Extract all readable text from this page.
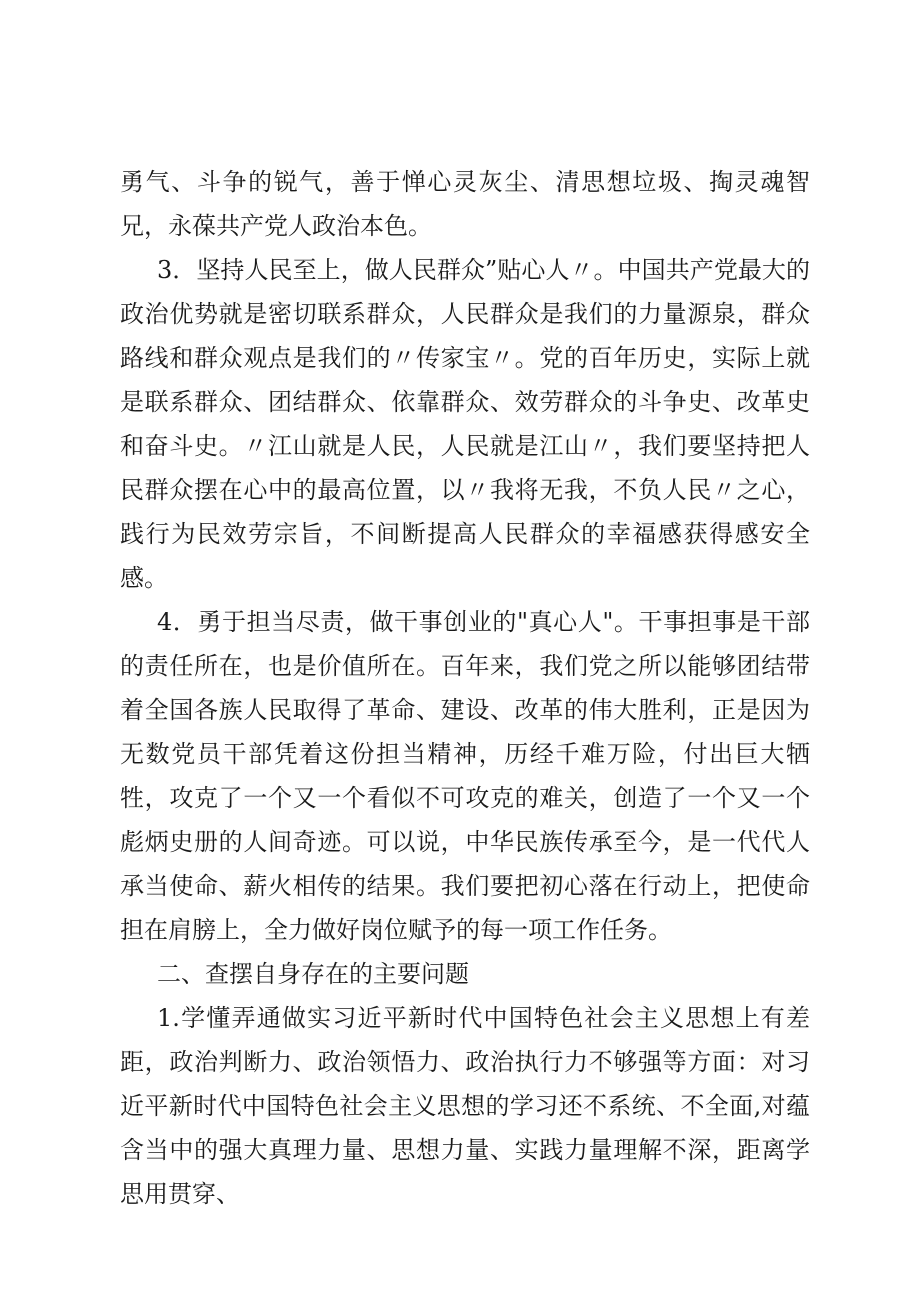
勇气、斗争的锐气，善于惮心灵灰尘、清思想垃圾、掏灵魂智兄，永葆共产党人政治本色。

3．坚持人民至上，做人民群众”贴心人〃。中国共产党最大的政治优势就是密切联系群众，人民群众是我们的力量源泉，群众路线和群众观点是我们的〃传家宝〃。党的百年历史，实际上就是联系群众、团结群众、依靠群众、效劳群众的斗争史、改革史和奋斗史。〃江山就是人民，人民就是江山〃，我们要坚持把人民群众摆在心中的最高位置，以〃我将无我，不负人民〃之心，践行为民效劳宗旨，不间断提高人民群众的幸福感获得感安全感。

4．勇于担当尽责，做干事创业的"真心人"。干事担事是干部的责任所在，也是价值所在。百年来，我们党之所以能够团结带着全国各族人民取得了革命、建设、改革的伟大胜利，正是因为无数党员干部凭着这份担当精神，历经千难万险，付出巨大牺牲，攻克了一个又一个看似不可攻克的难关，创造了一个又一个彪炳史册的人间奇迹。可以说，中华民族传承至今，是一代代人承当使命、薪火相传的结果。我们要把初心落在行动上，把使命担在肩膀上，全力做好岗位赋予的每一项工作任务。

二、查摆自身存在的主要问题

1.学懂弄通做实习近平新时代中国特色社会主义思想上有差距，政治判断力、政治领悟力、政治执行力不够强等方面：对习近平新时代中国特色社会主义思想的学习还不系统、不全面,对蕴含当中的强大真理力量、思想力量、实践力量理解不深，距离学思用贯穿、
